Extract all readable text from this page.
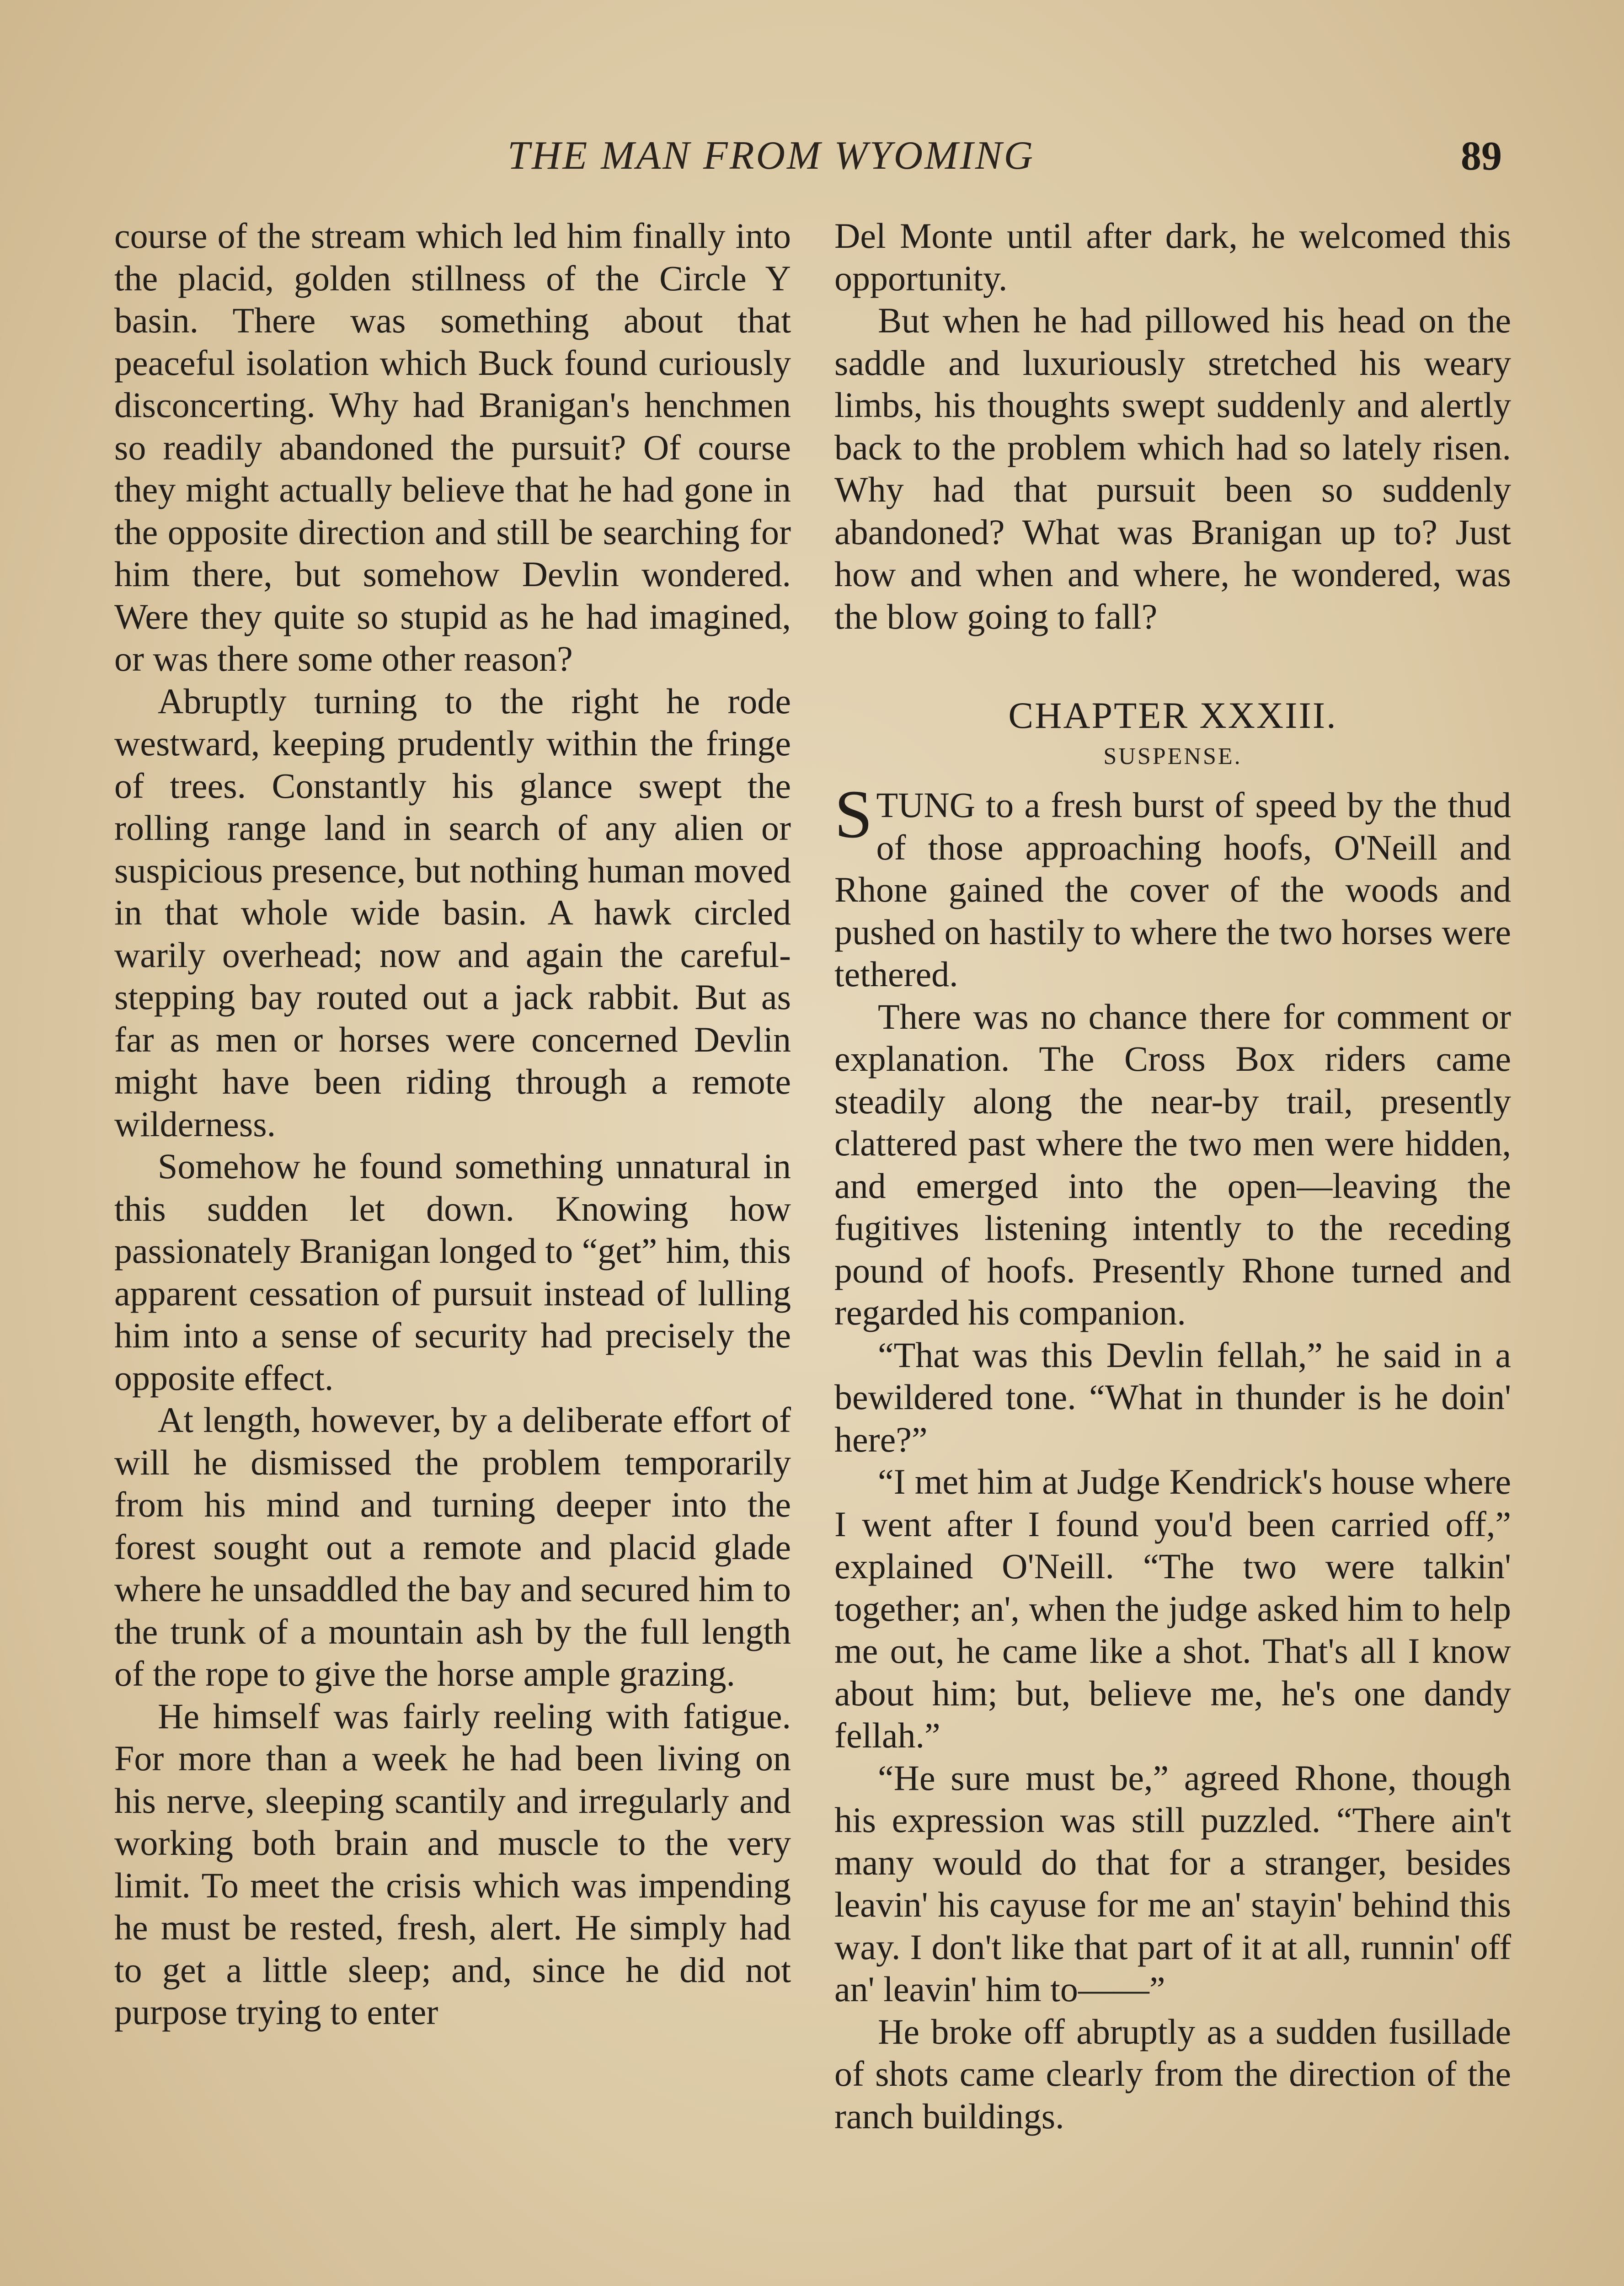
THE MAN FROM WYOMING	89

course of the stream which led him finally into the placid, golden stillness of the Circle Y basin. There was something about that peaceful isolation which Buck found curiously disconcerting. Why had Branigan's henchmen so readily abandoned the pursuit? Of course they might actually believe that he had gone in the opposite direction and still be searching for him there, but somehow Devlin wondered. Were they quite so stupid as he had imagined, or was there some other reason?

Abruptly turning to the right he rode westward, keeping prudently within the fringe of trees. Constantly his glance swept the rolling range land in search of any alien or suspicious presence, but nothing human moved in that whole wide basin. A hawk circled warily overhead; now and again the careful-stepping bay routed out a jack rabbit. But as far as men or horses were concerned Devlin might have been riding through a remote wilderness.

Somehow he found something unnatural in this sudden let down. Knowing how passionately Branigan longed to “get” him, this apparent cessation of pursuit instead of lulling him into a sense of security had precisely the opposite effect.

At length, however, by a deliberate effort of will he dismissed the problem temporarily from his mind and turning deeper into the forest sought out a remote and placid glade where he unsaddled the bay and secured him to the trunk of a mountain ash by the full length of the rope to give the horse ample grazing.

He himself was fairly reeling with fatigue. For more than a week he had been living on his nerve, sleeping scantily and irregularly and working both brain and muscle to the very limit. To meet the crisis which was impending he must be rested, fresh, alert. He simply had to get a little sleep; and, since he did not purpose trying to enter

Del Monte until after dark, he welcomed this opportunity.

But when he had pillowed his head on the saddle and luxuriously stretched his weary limbs, his thoughts swept suddenly and alertly back to the problem which had so lately risen. Why had that pursuit been so suddenly abandoned? What was Branigan up to? Just how and when and where, he wondered, was the blow going to fall?

CHAPTER XXXIII.
SUSPENSE.

STUNG to a fresh burst of speed by the thud of those approaching hoofs, O'Neill and Rhone gained the cover of the woods and pushed on hastily to where the two horses were tethered.

There was no chance there for comment or explanation. The Cross Box riders came steadily along the near-by trail, presently clattered past where the two men were hidden, and emerged into the open—leaving the fugitives listening intently to the receding pound of hoofs. Presently Rhone turned and regarded his companion.

“That was this Devlin fellah,” he said in a bewildered tone. “What in thunder is he doin' here?”

“I met him at Judge Kendrick's house where I went after I found you'd been carried off,” explained O'Neill. “The two were talkin' together; an', when the judge asked him to help me out, he came like a shot. That's all I know about him; but, believe me, he's one dandy fellah.”

“He sure must be,” agreed Rhone, though his expression was still puzzled. “There ain't many would do that for a stranger, besides leavin' his cayuse for me an' stayin' behind this way. I don't like that part of it at all, runnin' off an' leavin' him to——”

He broke off abruptly as a sudden fusillade of shots came clearly from the direction of the ranch buildings.
